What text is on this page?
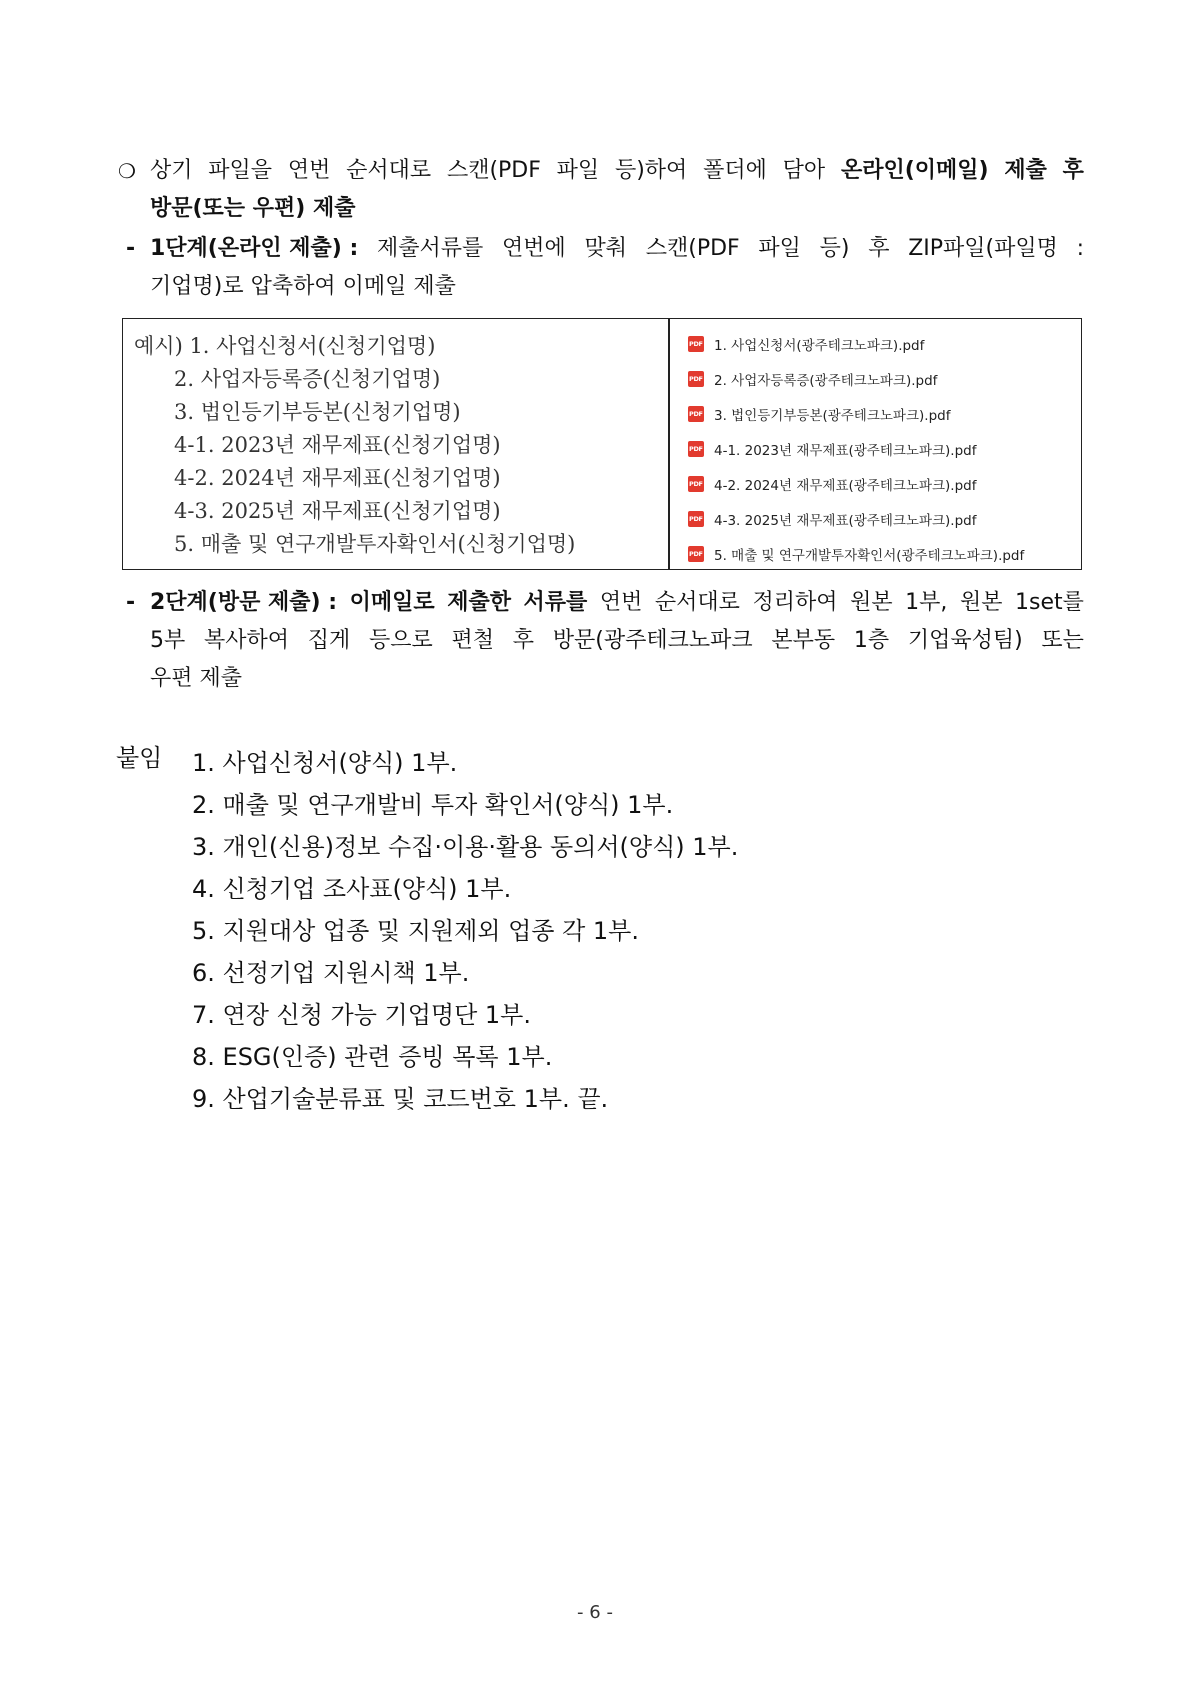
❍ 상기 파일을 연번 순서대로 스캔(PDF 파일 등)하여 폴더에 담아 온라인(이메일) 제출 후
방문(또는 우편) 제출
- 1단계(온라인 제출) : 제출서류를 연번에 맞춰 스캔(PDF 파일 등) 후 ZIP파일(파일명 :
기업명)로 압축하여 이메일 제출
예시) 1. 사업신청서(신청기업명)
2. 사업자등록증(신청기업명)
3. 법인등기부등본(신청기업명)
4-1. 2023년 재무제표(신청기업명)
4-2. 2024년 재무제표(신청기업명)
4-3. 2025년 재무제표(신청기업명)
5. 매출 및 연구개발투자확인서(신청기업명)
PDF
1. 사업신청서(광주테크노파크).pdf
PDF
2. 사업자등록증(광주테크노파크).pdf
PDF
3. 법인등기부등본(광주테크노파크).pdf
PDF
4-1. 2023년 재무제표(광주테크노파크).pdf
PDF
4-2. 2024년 재무제표(광주테크노파크).pdf
PDF
4-3. 2025년 재무제표(광주테크노파크).pdf
PDF
5. 매출 및 연구개발투자확인서(광주테크노파크).pdf
- 2단계(방문 제출) : 이메일로 제출한 서류를 연번 순서대로 정리하여 원본 1부, 원본 1set를
5부 복사하여 집게 등으로 편철 후 방문(광주테크노파크 본부동 1층 기업육성팀) 또는
우편 제출
붙임 1. 사업신청서(양식) 1부.
2. 매출 및 연구개발비 투자 확인서(양식) 1부.
3. 개인(신용)정보 수집·이용·활용 동의서(양식) 1부.
4. 신청기업 조사표(양식) 1부.
5. 지원대상 업종 및 지원제외 업종 각 1부.
6. 선정기업 지원시책 1부.
7. 연장 신청 가능 기업명단 1부.
8. ESG(인증) 관련 증빙 목록 1부.
9. 산업기술분류표 및 코드번호 1부. 끝.
- 6 -
